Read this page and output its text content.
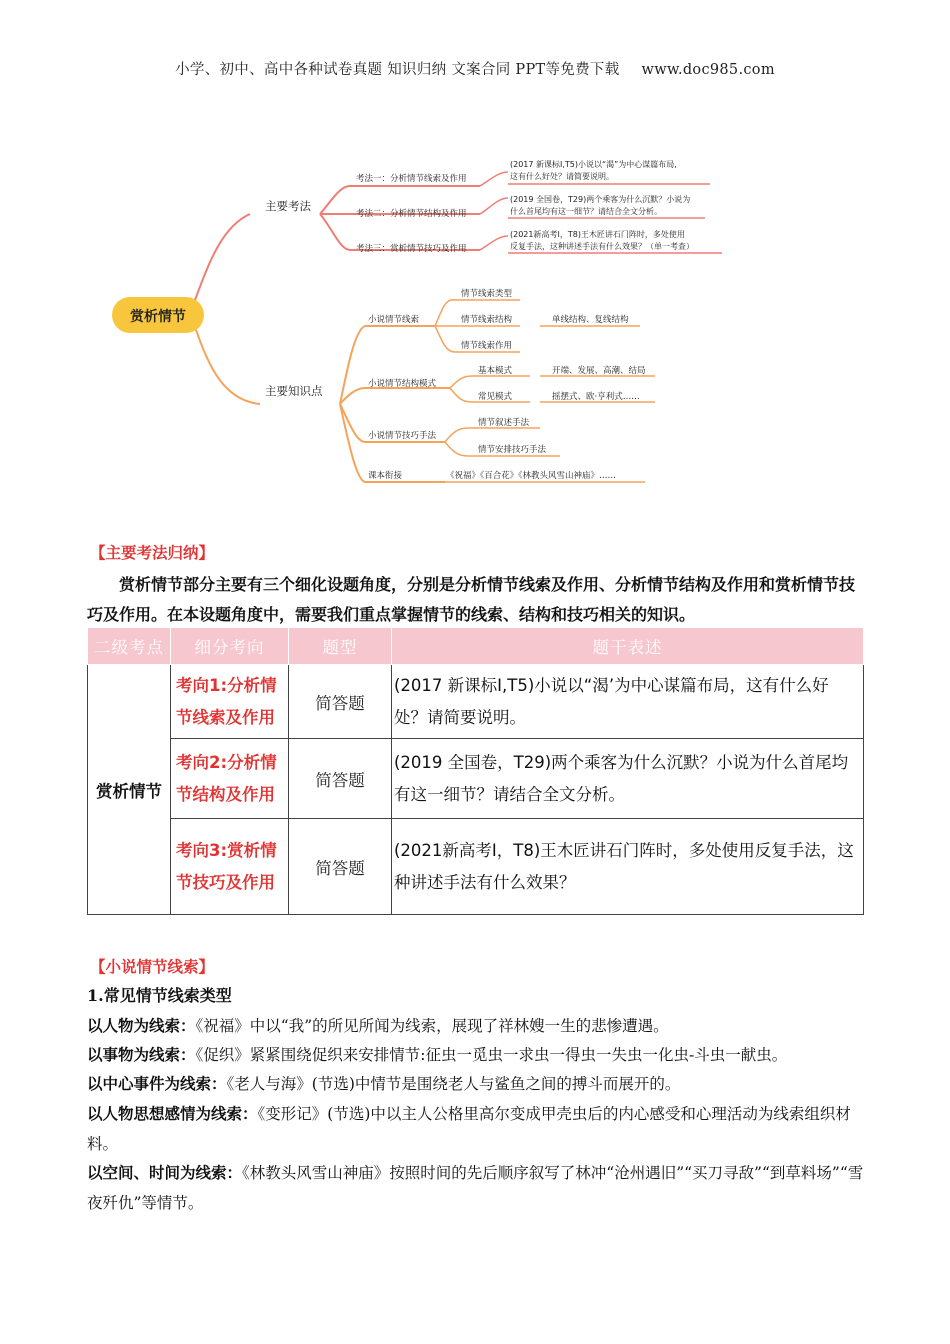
小学、初中、高中各种试卷真题 知识归纳 文案合同 PPT等免费下载 www.doc985.com
赏析情节
主要考法
主要知识点
考法一：分析情节线索及作用
考法二：分析情节结构及作用
考法三：赏析情节技巧及作用
(2017 新课标Ⅰ,T5)小说以“渴”为中心谋篇布局,
这有什么好处？请简要说明。
(2019 全国卷，T29)两个乘客为什么沉默？小说为
什么首尾均有这一细节？请结合全文分析。
(2021新高考Ⅰ，T8)王木匠讲石门阵时，多处使用
反复手法，这种讲述手法有什么效果？（单一考查）
小说情节线索
情节线索类型
情节线索结构
情节线索作用
单线结构、复线结构
小说情节结构模式
基本模式	开端、发展、高潮、结局
常见模式	摇摆式、欧·亨利式……
小说情节技巧手法
情节叙述手法
情节安排技巧手法
课本衔接	《祝福》《百合花》《林教头风雪山神庙》……
【主要考法归纳】
赏析情节部分主要有三个细化设题角度，分别是分析情节线索及作用、分析情节结构及作用和赏析情节技巧及作用。在本设题角度中，需要我们重点掌握情节的线索、结构和技巧相关的知识。
二级考点	细分考向	题型	题干表述
赏析情节	考向1:分析情节线索及作用	简答题	(2017 新课标Ⅰ,T5)小说以“渴’为中心谋篇布局，这有什么好处？请简要说明。
	考向2:分析情节结构及作用	简答题	(2019 全国卷，T29)两个乘客为什么沉默？小说为什么首尾均有这一细节？请结合全文分析。
	考向3:赏析情节技巧及作用	简答题	(2021新高考Ⅰ，T8)王木匠讲石门阵时，多处使用反复手法，这种讲述手法有什么效果？
【小说情节线索】
1.常见情节线索类型
以人物为线索：《祝福》中以“我”的所见所闻为线索，展现了祥林嫂一生的悲惨遭遇。
以事物为线索：《促织》紧紧围绕促织来安排情节:征虫一觅虫一求虫一得虫一失虫一化虫-斗虫一献虫。
以中心事件为线索：《老人与海》(节选)中情节是围绕老人与鲨鱼之间的搏斗而展开的。
以人物思想感情为线索：《变形记》(节选)中以主人公格里高尔变成甲壳虫后的内心感受和心理活动为线索组织材料。
以空间、时间为线索：《林教头风雪山神庙》按照时间的先后顺序叙写了林冲“沧州遇旧”“买刀寻敌”“到草料场”“雪夜歼仇”等情节。
